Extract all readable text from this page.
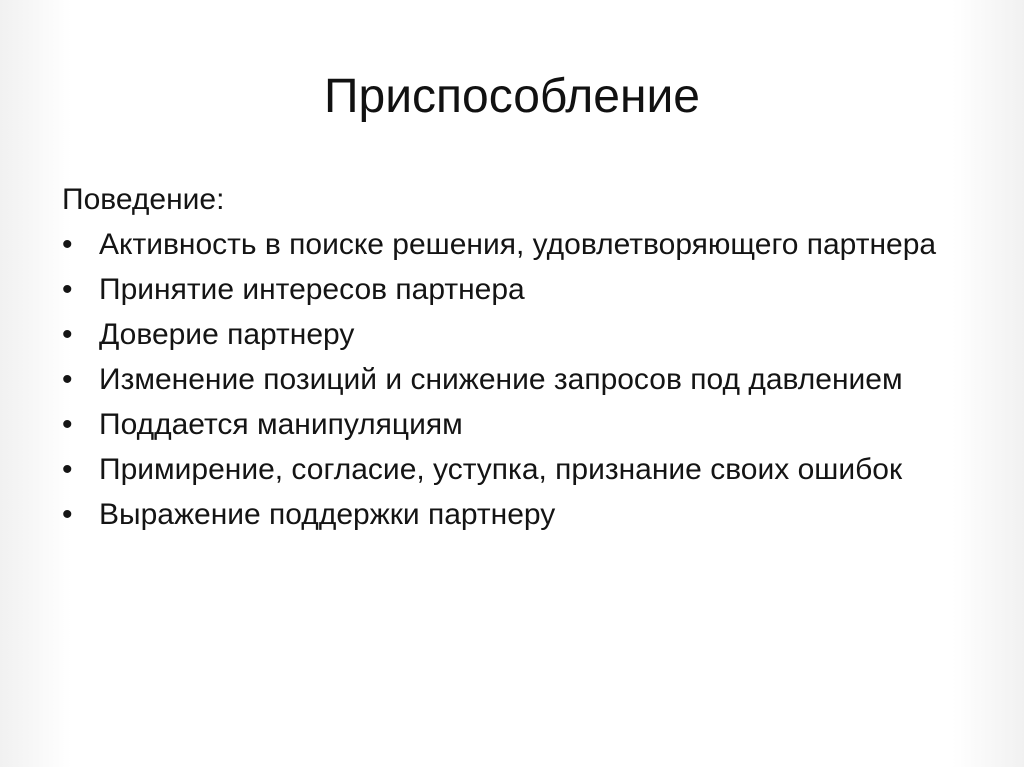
Приспособление
Поведение:
• Активность в поиске решения, удовлетворяющего партнера
• Принятие интересов партнера
• Доверие партнеру
• Изменение позиций и снижение запросов под давлением
• Поддается манипуляциям
• Примирение, согласие, уступка, признание своих ошибок
• Выражение поддержки партнеру
